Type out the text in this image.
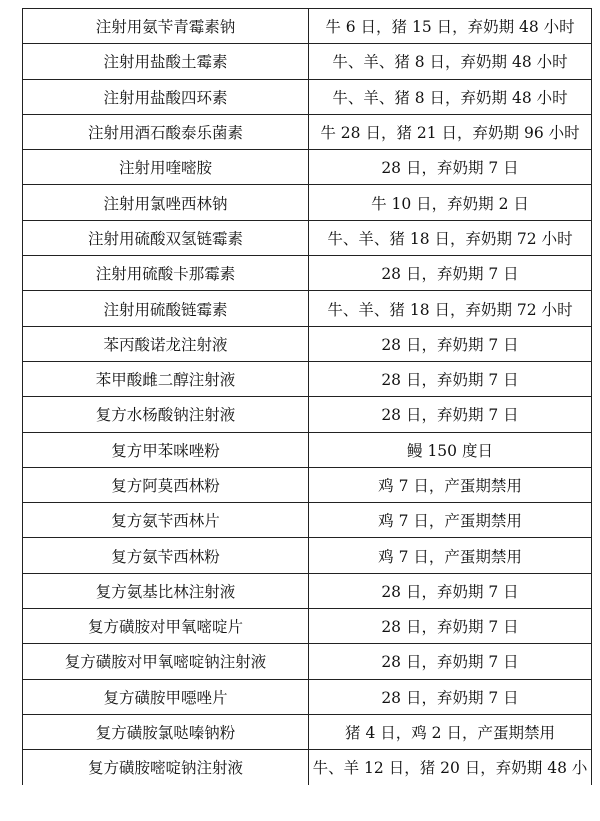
注射用氨苄青霉素钠	牛 6 日，猪 15 日，弃奶期 48 小时
注射用盐酸土霉素	牛、羊、猪 8 日，弃奶期 48 小时
注射用盐酸四环素	牛、羊、猪 8 日，弃奶期 48 小时
注射用酒石酸泰乐菌素	牛 28 日，猪 21 日，弃奶期 96 小时
注射用喹嘧胺	28 日，弃奶期 7 日
注射用氯唑西林钠	牛 10 日，弃奶期 2 日
注射用硫酸双氢链霉素	牛、羊、猪 18 日，弃奶期 72 小时
注射用硫酸卡那霉素	28 日，弃奶期 7 日
注射用硫酸链霉素	牛、羊、猪 18 日，弃奶期 72 小时
苯丙酸诺龙注射液	28 日，弃奶期 7 日
苯甲酸雌二醇注射液	28 日，弃奶期 7 日
复方水杨酸钠注射液	28 日，弃奶期 7 日
复方甲苯咪唑粉	鳗 150 度日
复方阿莫西林粉	鸡 7 日，产蛋期禁用
复方氨苄西林片	鸡 7 日，产蛋期禁用
复方氨苄西林粉	鸡 7 日，产蛋期禁用
复方氨基比林注射液	28 日，弃奶期 7 日
复方磺胺对甲氧嘧啶片	28 日，弃奶期 7 日
复方磺胺对甲氧嘧啶钠注射液	28 日，弃奶期 7 日
复方磺胺甲噁唑片	28 日，弃奶期 7 日
复方磺胺氯哒嗪钠粉	猪 4 日，鸡 2 日，产蛋期禁用
复方磺胺嘧啶钠注射液	牛、羊 12 日，猪 20 日，弃奶期 48 小
